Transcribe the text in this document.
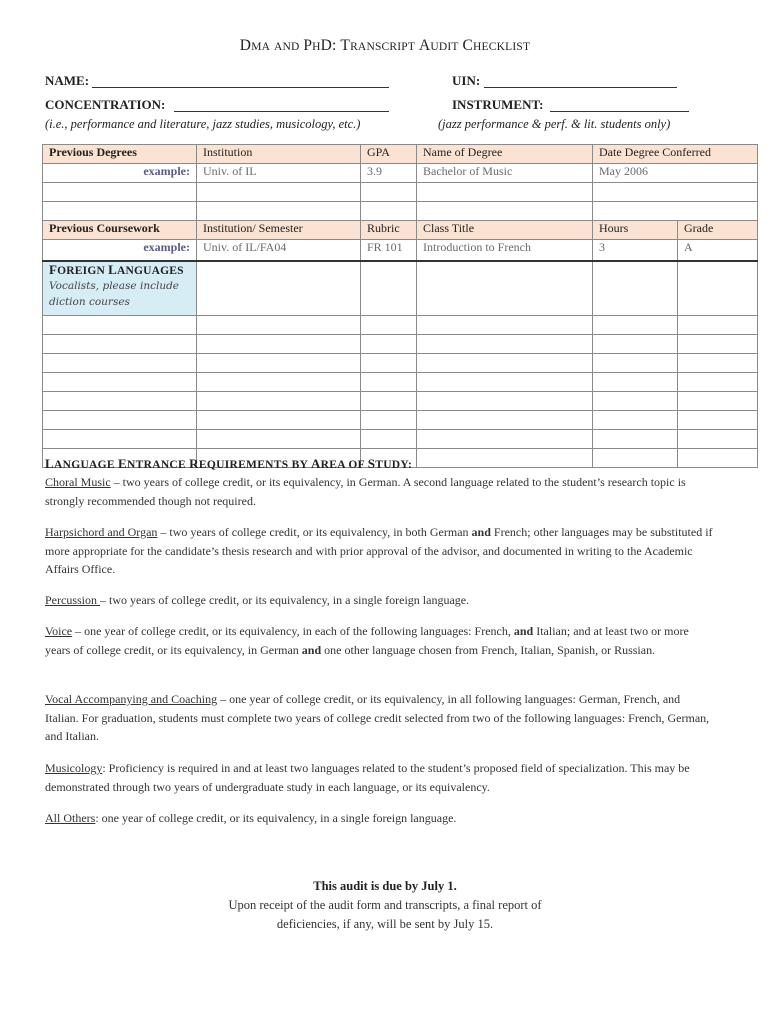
DMA AND PHD: TRANSCRIPT AUDIT CHECKLIST
NAME:	UIN:
CONCENTRATION:	INSTRUMENT:
(i.e., performance and literature, jazz studies, musicology, etc.)	(jazz performance & perf. & lit. students only)
Previous Degrees	Institution	GPA	Name of Degree	Date Degree Conferred	
example:	Univ. of IL	3.9	Bachelor of Music	May 2006	

Previous Coursework	Institution/ Semester	Rubric	Class Title	Hours	Grade
example:	Univ. of IL/FA04	FR 101	Introduction to French	3	A

FOREIGN LANGUAGES
Vocalists, please include diction courses					

LANGUAGE ENTRANCE REQUIREMENTS BY AREA OF STUDY:
Choral Music – two years of college credit, or its equivalency, in German. A second language related to the student’s research topic is strongly recommended though not required.
Harpsichord and Organ – two years of college credit, or its equivalency, in both German and French; other languages may be substituted if more appropriate for the candidate’s thesis research and with prior approval of the advisor, and documented in writing to the Academic Affairs Office.
Percussion – two years of college credit, or its equivalency, in a single foreign language.
Voice – one year of college credit, or its equivalency, in each of the following languages: French, and Italian; and at least two or more years of college credit, or its equivalency, in German and one other language chosen from French, Italian, Spanish, or Russian.
Vocal Accompanying and Coaching – one year of college credit, or its equivalency, in all following languages: German, French, and Italian. For graduation, students must complete two years of college credit selected from two of the following languages: French, German, and Italian.
Musicology: Proficiency is required in and at least two languages related to the student’s proposed field of specialization. This may be demonstrated through two years of undergraduate study in each language, or its equivalency.
All Others: one year of college credit, or its equivalency, in a single foreign language.
This audit is due by July 1.
Upon receipt of the audit form and transcripts, a final report of
deficiencies, if any, will be sent by July 15.
